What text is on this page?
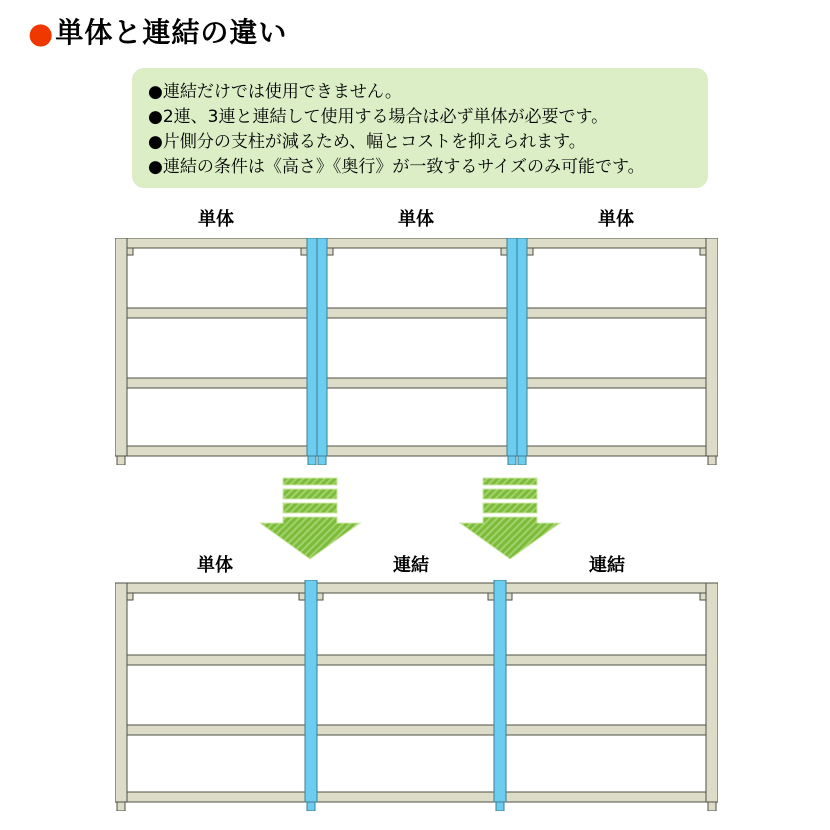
● 単体と連結の違い
●連結だけでは使用できません。
●2連、3連と連結して使用する場合は必ず単体が必要です。
●片側分の支柱が減るため、幅とコストを抑えられます。
●連結の条件は《高さ》《奥行》が一致するサイズのみ可能です。
単体	単体	単体
単体	連結	連結
